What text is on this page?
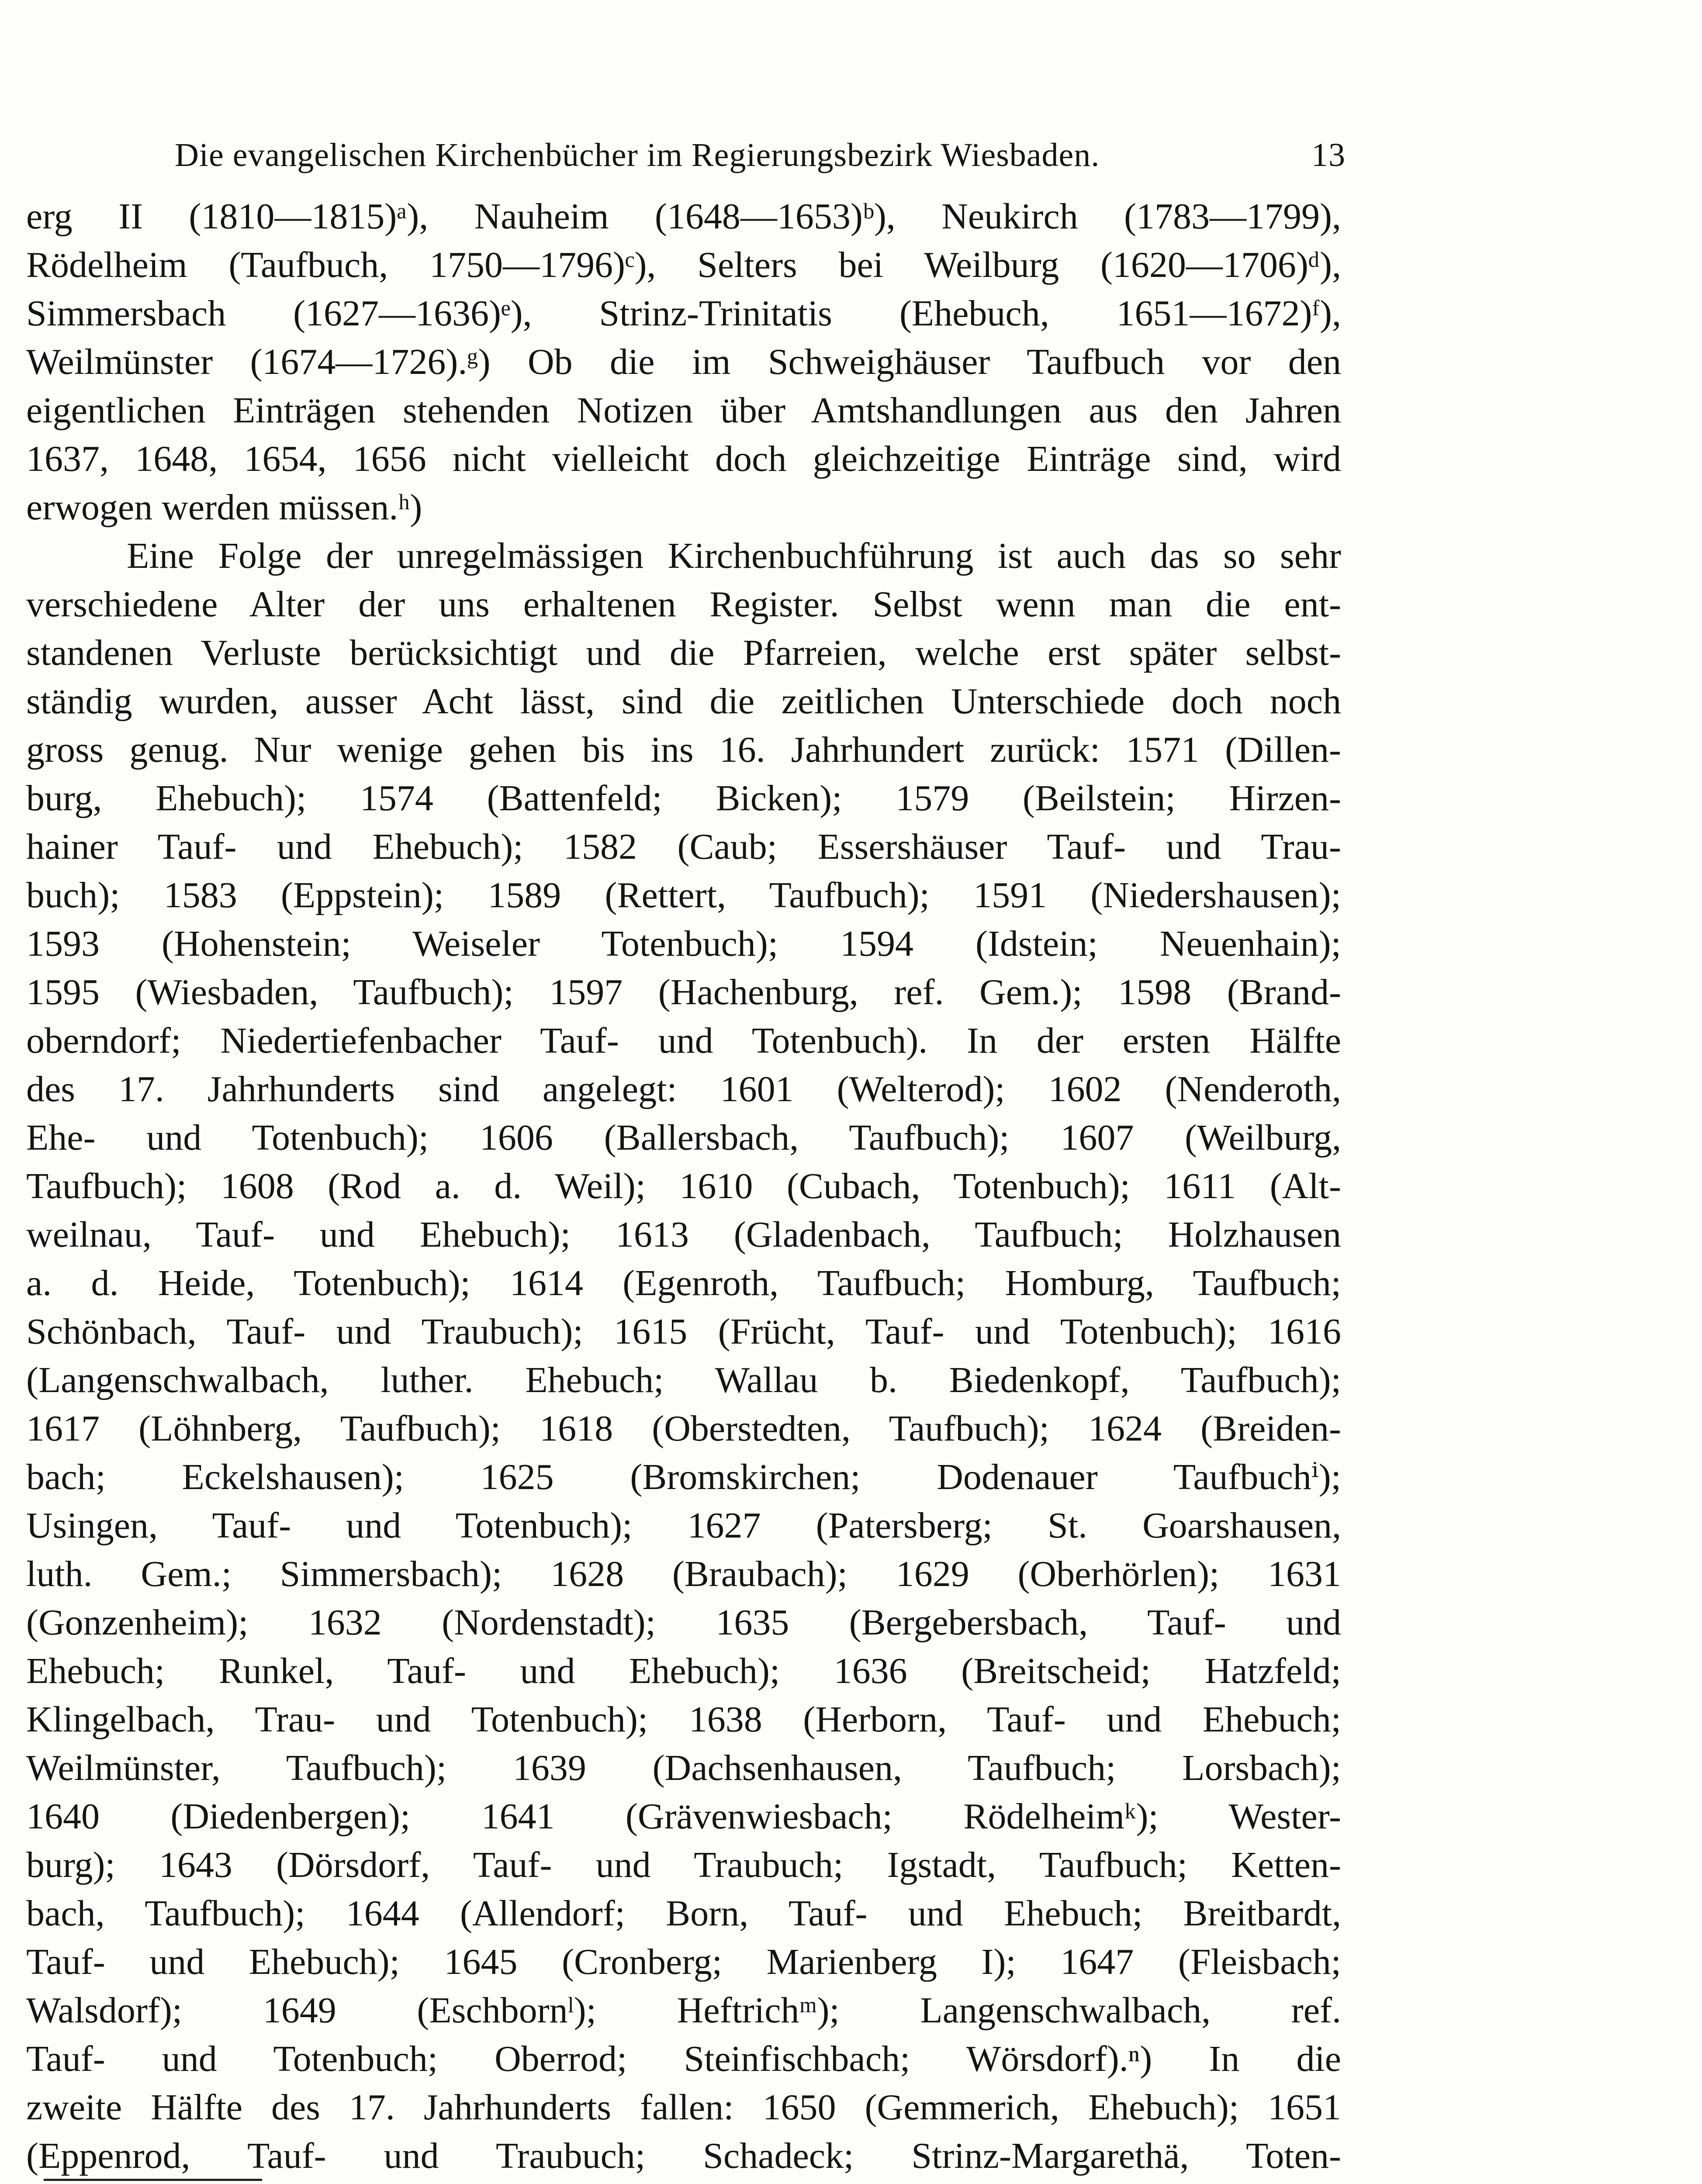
Die evangelischen Kirchenbücher im Regierungsbezirk Wiesbaden.	13
erg II (1810—1815)ᵃ), Nauheim (1648—1653)ᵇ), Neukirch (1783—1799),
Rödelheim (Taufbuch, 1750—1796)ᶜ), Selters bei Weilburg (1620—1706)ᵈ),
Simmersbach (1627—1636)ᵉ), Strinz-Trinitatis (Ehebuch, 1651—1672)ᶠ),
Weilmünster (1674—1726).ᵍ) Ob die im Schweighäuser Taufbuch vor den
eigentlichen Einträgen stehenden Notizen über Amtshandlungen aus den Jahren
1637, 1648, 1654, 1656 nicht vielleicht doch gleichzeitige Einträge sind, wird
erwogen werden müssen.ʰ)
Eine Folge der unregelmässigen Kirchenbuchführung ist auch das so sehr
verschiedene Alter der uns erhaltenen Register. Selbst wenn man die ent-
standenen Verluste berücksichtigt und die Pfarreien, welche erst später selbst-
ständig wurden, ausser Acht lässt, sind die zeitlichen Unterschiede doch noch
gross genug. Nur wenige gehen bis ins 16. Jahrhundert zurück: 1571 (Dillen-
burg, Ehebuch); 1574 (Battenfeld; Bicken); 1579 (Beilstein; Hirzen-
hainer Tauf- und Ehebuch); 1582 (Caub; Essershäuser Tauf- und Trau-
buch); 1583 (Eppstein); 1589 (Rettert, Taufbuch); 1591 (Niedershausen);
1593 (Hohenstein; Weiseler Totenbuch); 1594 (Idstein; Neuenhain);
1595 (Wiesbaden, Taufbuch); 1597 (Hachenburg, ref. Gem.); 1598 (Brand-
oberndorf; Niedertiefenbacher Tauf- und Totenbuch). In der ersten Hälfte
des 17. Jahrhunderts sind angelegt: 1601 (Welterod); 1602 (Nenderoth,
Ehe- und Totenbuch); 1606 (Ballersbach, Taufbuch); 1607 (Weilburg,
Taufbuch); 1608 (Rod a. d. Weil); 1610 (Cubach, Totenbuch); 1611 (Alt-
weilnau, Tauf- und Ehebuch); 1613 (Gladenbach, Taufbuch; Holzhausen
a. d. Heide, Totenbuch); 1614 (Egenroth, Taufbuch; Homburg, Taufbuch;
Schönbach, Tauf- und Traubuch); 1615 (Frücht, Tauf- und Totenbuch); 1616
(Langenschwalbach, luther. Ehebuch; Wallau b. Biedenkopf, Taufbuch);
1617 (Löhnberg, Taufbuch); 1618 (Oberstedten, Taufbuch); 1624 (Breiden-
bach; Eckelshausen); 1625 (Bromskirchen; Dodenauer Taufbuchⁱ);
Usingen, Tauf- und Totenbuch); 1627 (Patersberg; St. Goarshausen,
luth. Gem.; Simmersbach); 1628 (Braubach); 1629 (Oberhörlen); 1631
(Gonzenheim); 1632 (Nordenstadt); 1635 (Bergebersbach, Tauf- und
Ehebuch; Runkel, Tauf- und Ehebuch); 1636 (Breitscheid; Hatzfeld;
Klingelbach, Trau- und Totenbuch); 1638 (Herborn, Tauf- und Ehebuch;
Weilmünster, Taufbuch); 1639 (Dachsenhausen, Taufbuch; Lorsbach);
1640 (Diedenbergen); 1641 (Grävenwiesbach; Rödelheimᵏ); Wester-
burg); 1643 (Dörsdorf, Tauf- und Traubuch; Igstadt, Taufbuch; Ketten-
bach, Taufbuch); 1644 (Allendorf; Born, Tauf- und Ehebuch; Breitbardt,
Tauf- und Ehebuch); 1645 (Cronberg; Marienberg I); 1647 (Fleisbach;
Walsdorf); 1649 (Eschbornˡ); Heftrichᵐ); Langenschwalbach, ref.
Tauf- und Totenbuch; Oberrod; Steinfischbach; Wörsdorf).ⁿ) In die
zweite Hälfte des 17. Jahrhunderts fallen: 1650 (Gemmerich, Ehebuch); 1651
(Eppenrod, Tauf- und Traubuch; Schadeck; Strinz-Margarethä, Toten-
